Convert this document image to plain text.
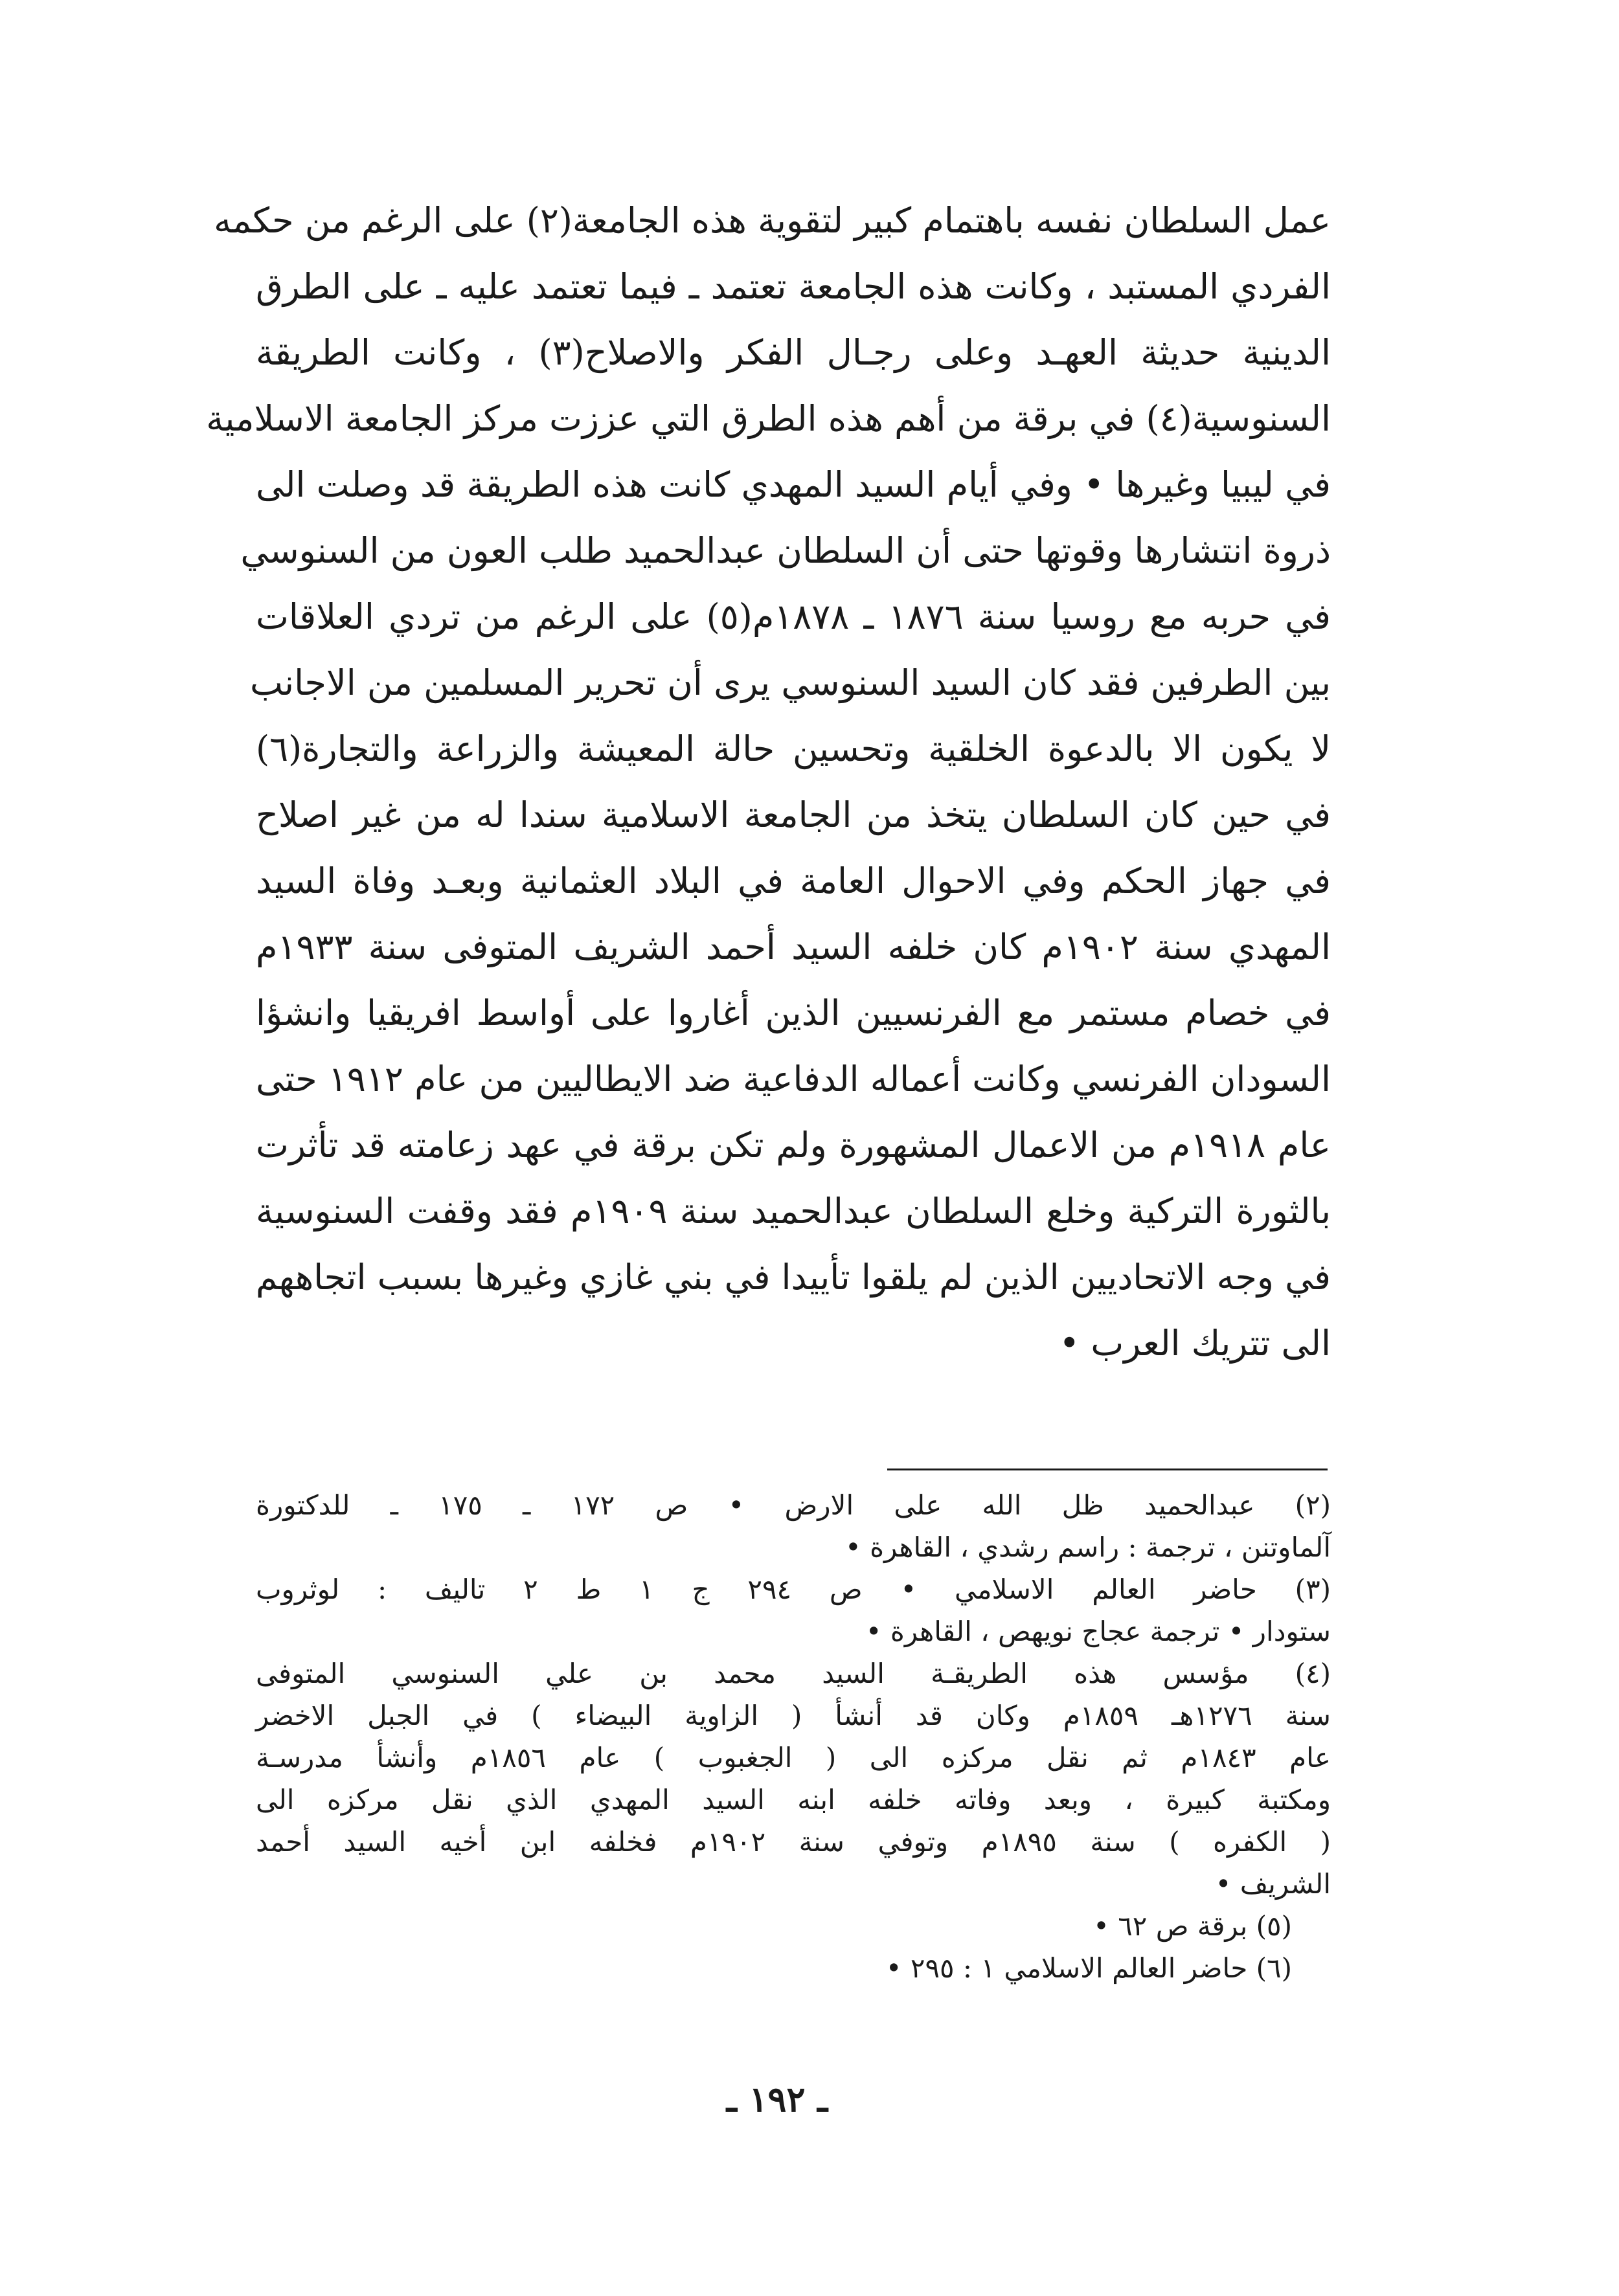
عمل السلطان نفسه باهتمام كبير لتقوية هذه الجامعة(٢) على الرغم من حكمه
الفردي المستبد ، وكانت هذه الجامعة تعتمد ـ فيما تعتمد عليه ـ على الطرق
الدينية حديثة العهـد وعلى رجـال الفكر والاصلاح(٣) ، وكانت الطريقة
السنوسية(٤) في برقة من أهم هذه الطرق التي عززت مركز الجامعة الاسلامية
في ليبيا وغيرها • وفي أيام السيد المهدي كانت هذه الطريقة قد وصلت الى
ذروة انتشارها وقوتها حتى أن السلطان عبدالحميد طلب العون من السنوسي
في حربه مع روسيا سنة ١٨٧٦ ـ ١٨٧٨م(٥) على الرغم من تردي العلاقات
بين الطرفين فقد كان السيد السنوسي يرى أن تحرير المسلمين من الاجانب
لا يكون الا بالدعوة الخلقية وتحسين حالة المعيشة والزراعة والتجارة(٦)
في حين كان السلطان يتخذ من الجامعة الاسلامية سندا له من غير اصلاح
في جهاز الحكم وفي الاحوال العامة في البلاد العثمانية وبعـد وفاة السيد
المهدي سنة ١٩٠٢م كان خلفه السيد أحمد الشريف المتوفى سنة ١٩٣٣م
في خصام مستمر مع الفرنسيين الذين أغاروا على أواسط افريقيا وانشؤا
السودان الفرنسي وكانت أعماله الدفاعية ضد الايطاليين من عام ١٩١٢ حتى
عام ١٩١٨م من الاعمال المشهورة ولم تكن برقة في عهد زعامته قد تأثرت
بالثورة التركية وخلع السلطان عبدالحميد سنة ١٩٠٩م فقد وقفت السنوسية
في وجه الاتحاديين الذين لم يلقوا تأييدا في بني غازي وغيرها بسبب اتجاههم
الى تتريك العرب •
(٢) عبدالحميد ظل الله على الارض • ص ١٧٢ ـ ١٧٥ ـ للدكتورة
آلماوتنن ، ترجمة : راسم رشدي ، القاهرة •
(٣) حاضر العالم الاسلامي • ص ٢٩٤ ج ١ ط ٢ تاليف : لوثروب
ستودار • ترجمة عجاج نويهص ، القاهرة •
(٤) مؤسس هذه الطريقـة السيد محمد بن علي السنوسي المتوفى
سنة ١٢٧٦هـ ١٨٥٩م وكان قد أنشأ ( الزاوية البيضاء ) في الجبل الاخضر
عام ١٨٤٣م ثم نقل مركزه الى ( الجغبوب ) عام ١٨٥٦م وأنشأ مدرسـة
ومكتبة كبيرة ، وبعد وفاته خلفه ابنه السيد المهدي الذي نقل مركزه الى
( الكفره ) سنة ١٨٩٥م وتوفي سنة ١٩٠٢م فخلفه ابن أخيه السيد أحمد
الشريف •
(٥) برقة ص ٦٢ •
(٦) حاضر العالم الاسلامي ١ : ٢٩٥ •
ـ ١٩٢ ـ
